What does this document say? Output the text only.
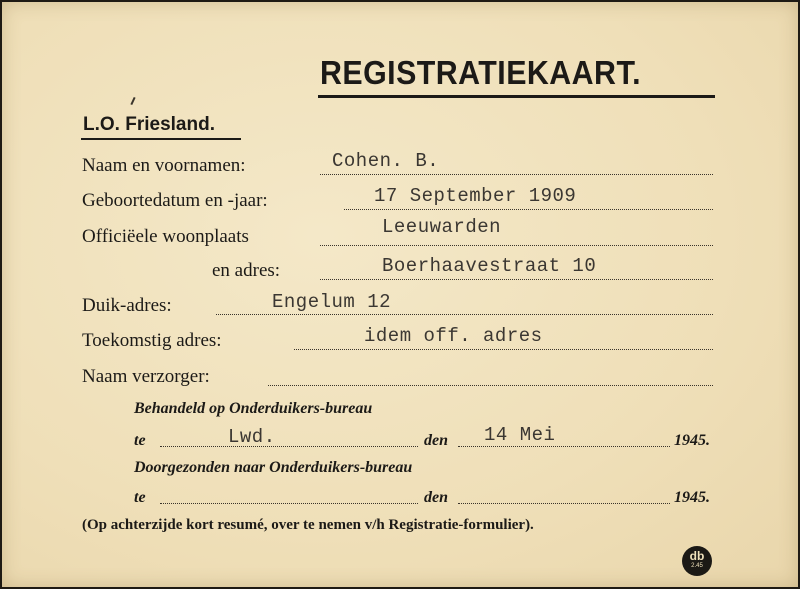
REGISTRATIEKAART.
L.O. Friesland.
Naam en voornamen:	Cohen. B.
Geboortedatum en -jaar:	17 September 1909
Officiëele woonplaats	Leeuwarden
en adres:	Boerhaavestraat 10
Duik-adres:	Engelum 12
Toekomstig adres:	idem off. adres
Naam verzorger:
Behandeld op Onderduikers-bureau
te	Lwd.	den 14 Mei	1945.
Doorgezonden naar Onderduikers-bureau
te	den	1945.
(Op achterzijde kort resumé, over te nemen v/h Registratie-formulier).
db
2.45
